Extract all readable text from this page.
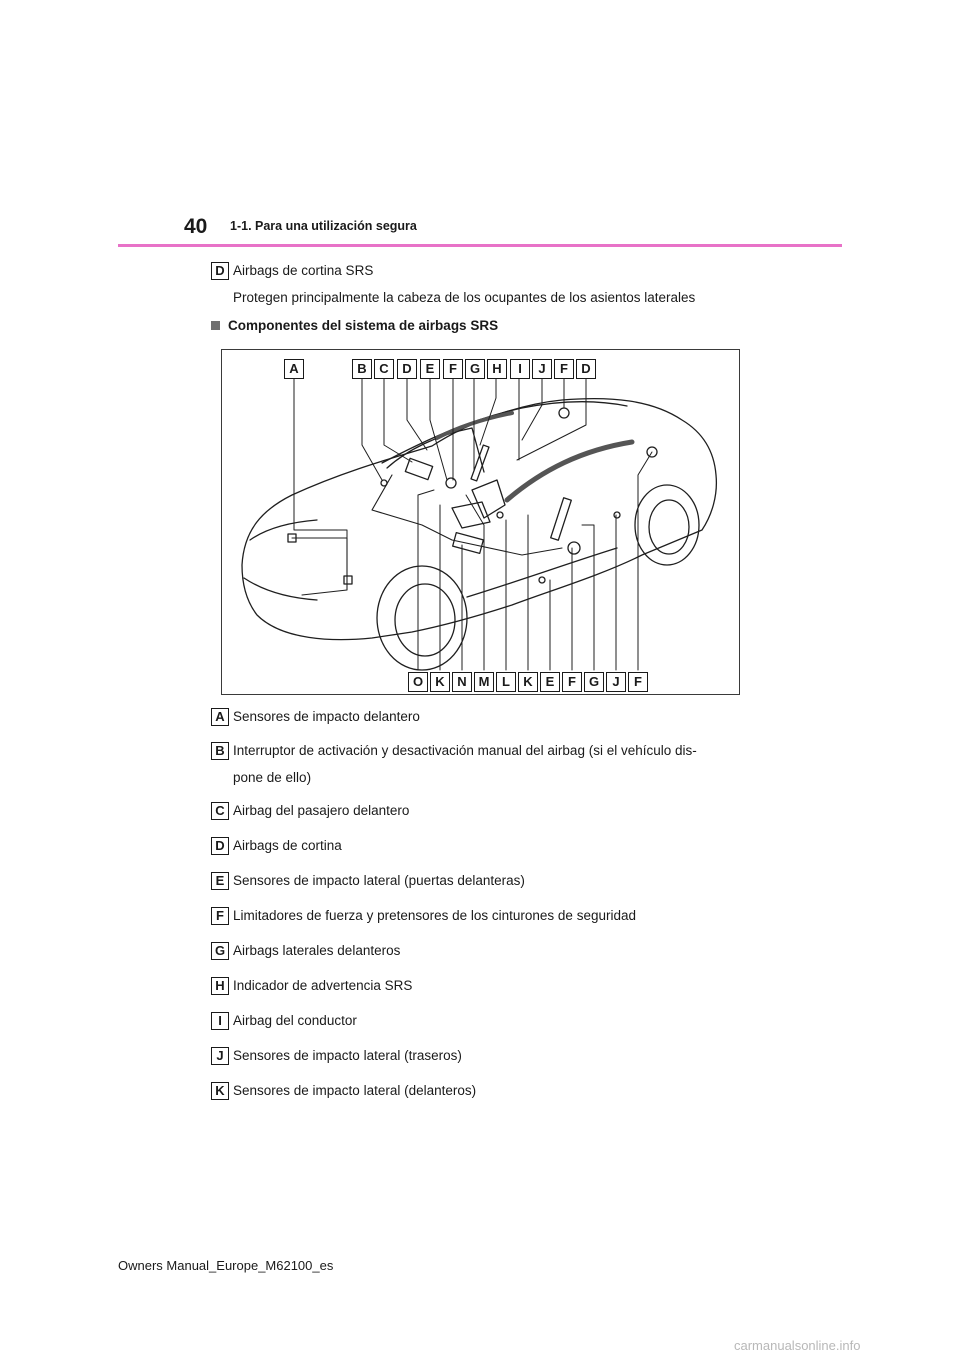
40 1-1. Para una utilización segura
D Airbags de cortina SRS
Protegen principalmente la cabeza de los ocupantes de los asientos laterales
Componentes del sistema de airbags SRS
A	B C	D	E	F G H	I	J	F	D
O K N M L	K E	F G	J	F
A Sensores de impacto delantero
B Interruptor de activación y desactivación manual del airbag (si el vehículo dis-
pone de ello)
C Airbag del pasajero delantero
D Airbags de cortina
E Sensores de impacto lateral (puertas delanteras)
F Limitadores de fuerza y pretensores de los cinturones de seguridad
G Airbags laterales delanteros
H Indicador de advertencia SRS
I Airbag del conductor
J Sensores de impacto lateral (traseros)
K Sensores de impacto lateral (delanteros)
Owners Manual_Europe_M62100_es
carmanualsonline.info
